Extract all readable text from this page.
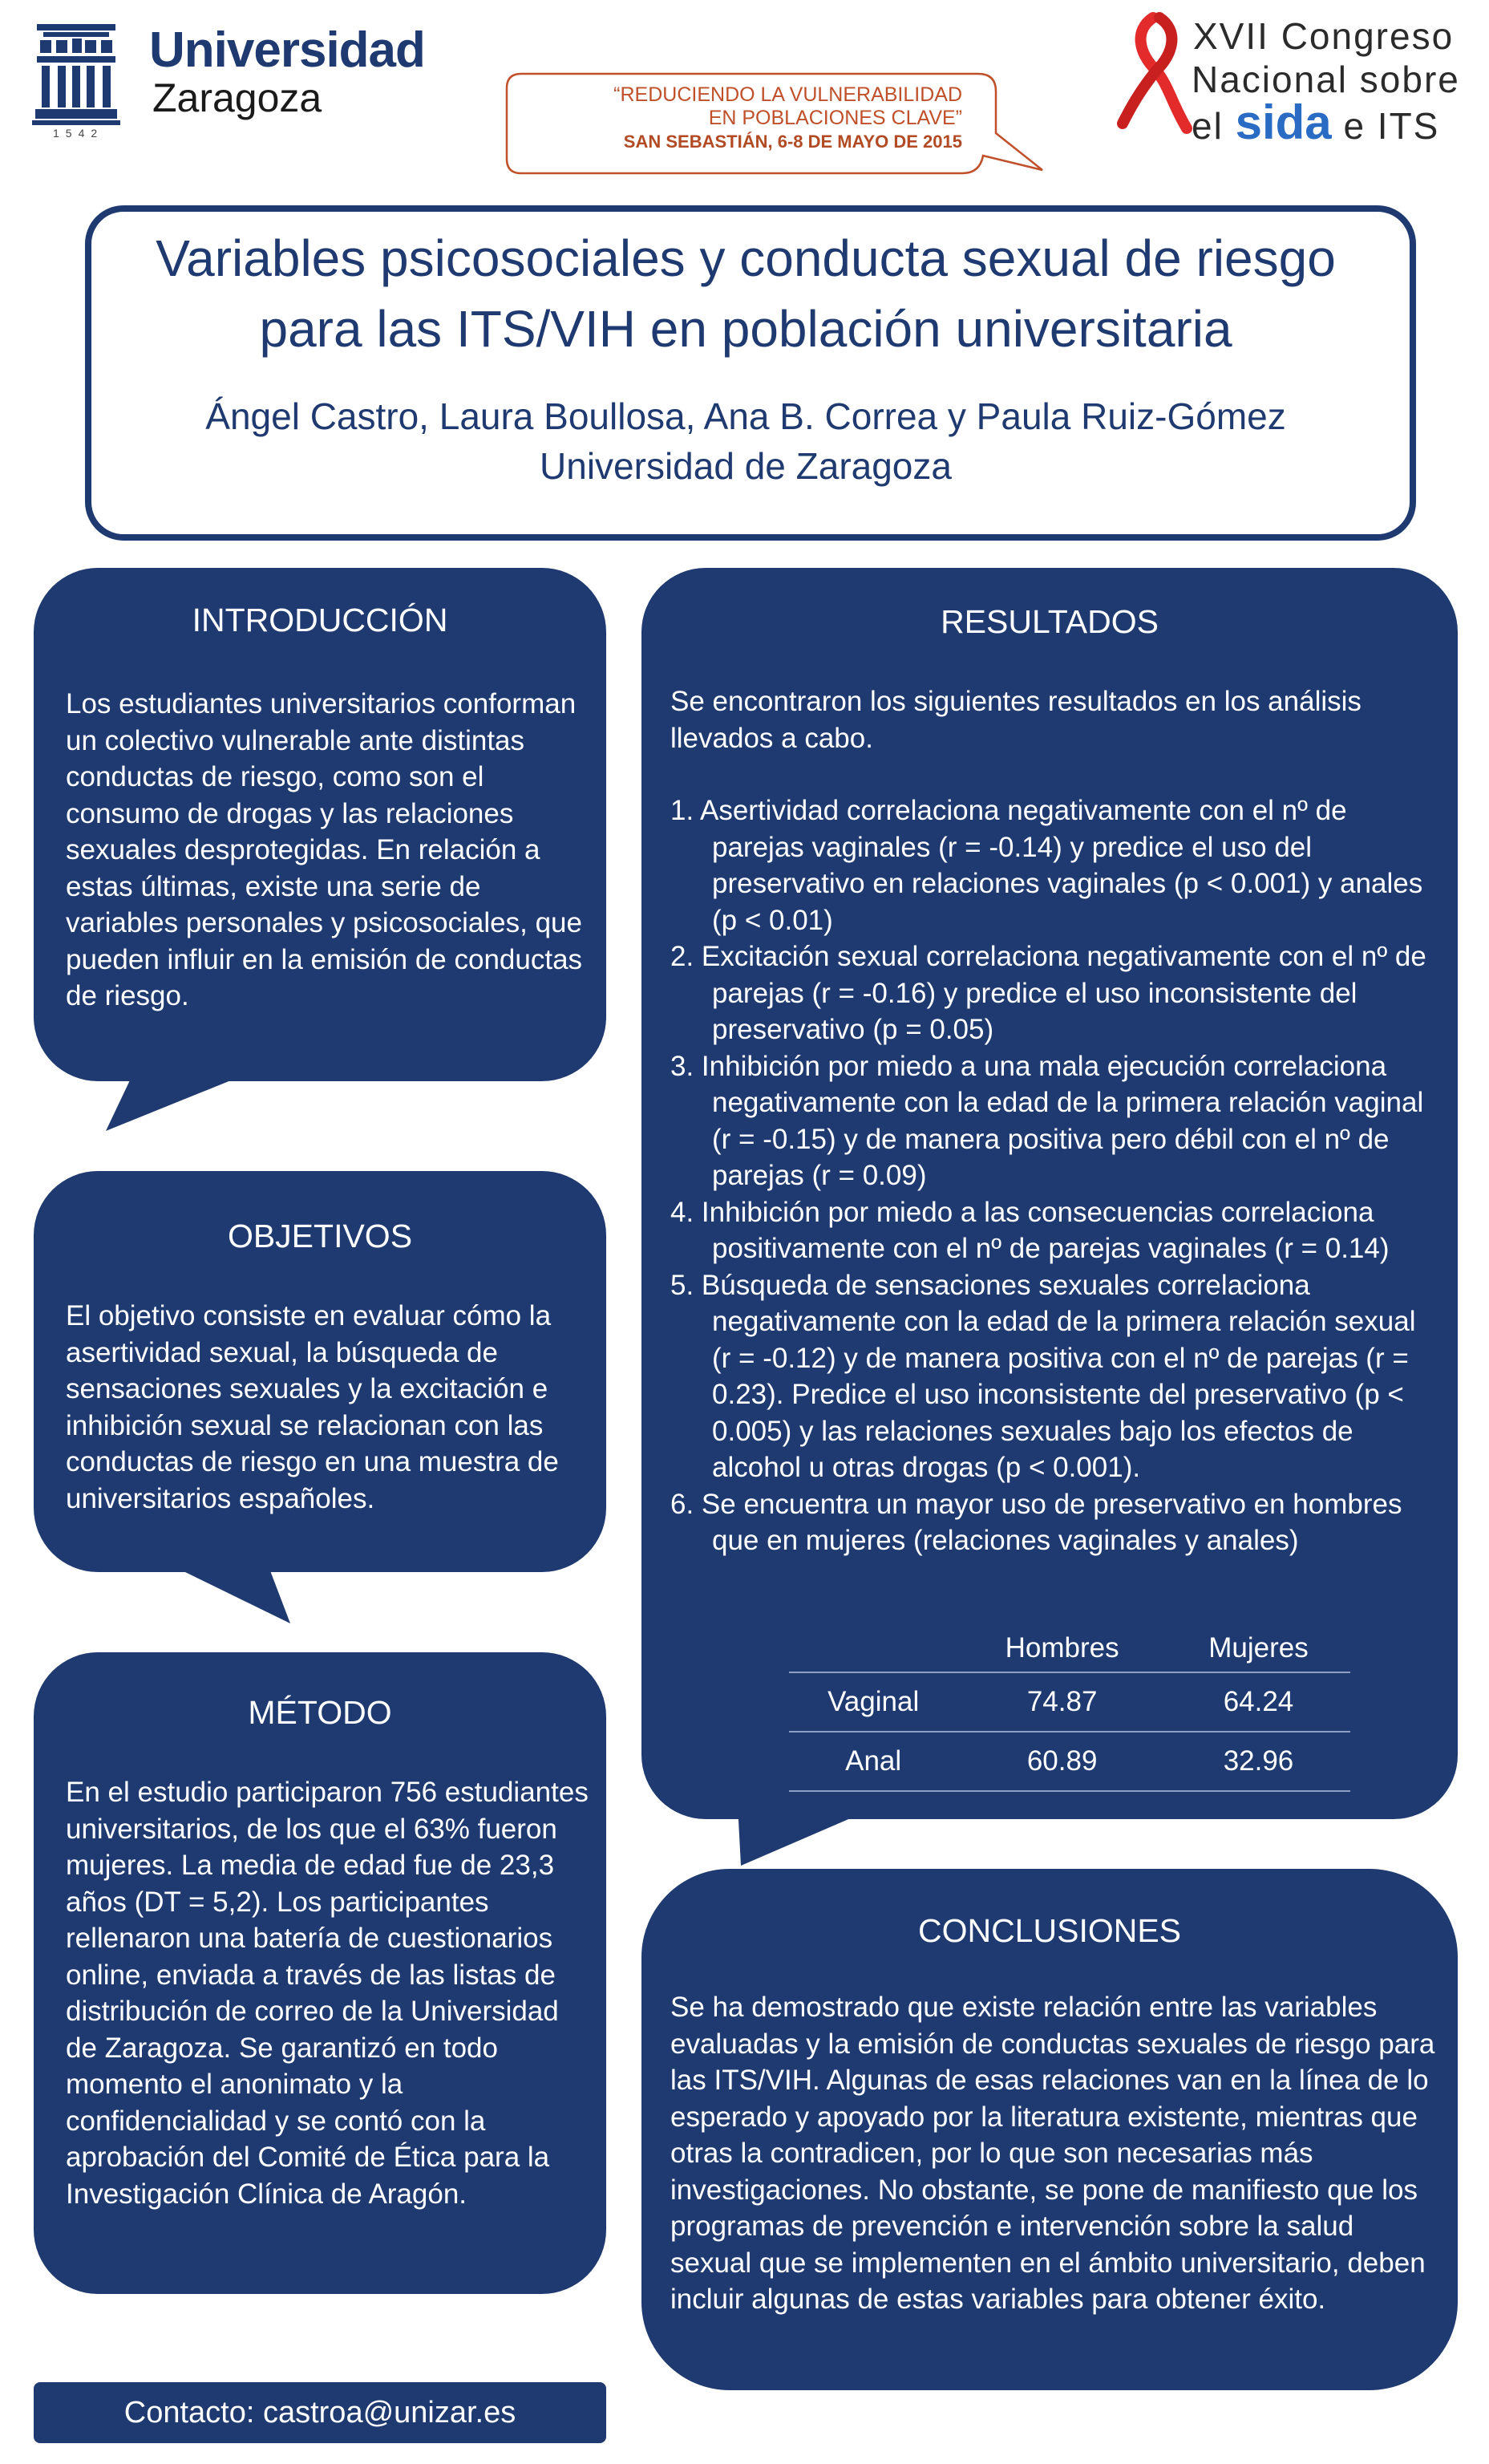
Universidad
Zaragoza
1542
“REDUCIENDO LA VULNERABILIDAD
EN POBLACIONES CLAVE”
SAN SEBASTIÁN, 6-8 DE MAYO DE 2015
XVII Congreso
Nacional sobre
el sida e ITS
Variables psicosociales y conducta sexual de riesgo para las ITS/VIH en población universitaria
Ángel Castro, Laura Boullosa, Ana B. Correa y Paula Ruiz-Gómez
Universidad de Zaragoza
INTRODUCCIÓN
Los estudiantes universitarios conforman un colectivo vulnerable ante distintas conductas de riesgo, como son el consumo de drogas y las relaciones sexuales desprotegidas. En relación a estas últimas, existe una serie de variables personales y psicosociales, que pueden influir en la emisión de conductas de riesgo.
OBJETIVOS
El objetivo consiste en evaluar cómo la asertividad sexual, la búsqueda de sensaciones sexuales y la excitación e inhibición sexual se relacionan con las conductas de riesgo en una muestra de universitarios españoles.
MÉTODO
En el estudio participaron 756 estudiantes universitarios, de los que el 63% fueron mujeres. La media de edad fue de 23,3 años (DT = 5,2). Los participantes rellenaron una batería de cuestionarios online, enviada a través de las listas de distribución de correo de la Universidad de Zaragoza. Se garantizó en todo momento el anonimato y la confidencialidad y se contó con la aprobación del Comité de Ética para la Investigación Clínica de Aragón.
RESULTADOS
Se encontraron los siguientes resultados en los análisis llevados a cabo.
1. Asertividad correlaciona negativamente con el nº de parejas vaginales (r = -0.14) y predice el uso del preservativo en relaciones vaginales (p < 0.001) y anales (p < 0.01)
2. Excitación sexual correlaciona negativamente con el nº de parejas (r = -0.16) y predice el uso inconsistente del preservativo (p = 0.05)
3. Inhibición por miedo a una mala ejecución correlaciona negativamente con la edad de la primera relación vaginal (r = -0.15) y de manera positiva pero débil con el nº de parejas (r = 0.09)
4. Inhibición por miedo a las consecuencias correlaciona positivamente con el nº de parejas vaginales (r = 0.14)
5. Búsqueda de sensaciones sexuales correlaciona negativamente con la edad de la primera relación sexual (r = -0.12) y de manera positiva con el nº de parejas (r = 0.23). Predice el uso inconsistente del preservativo (p < 0.005) y las relaciones sexuales bajo los efectos de alcohol u otras drogas (p < 0.001).
6. Se encuentra un mayor uso de preservativo en hombres que en mujeres (relaciones vaginales y anales)
	Hombres	Mujeres
Vaginal	74.87	64.24
Anal	60.89	32.96
CONCLUSIONES
Se ha demostrado que existe relación entre las variables evaluadas y la emisión de conductas sexuales de riesgo para las ITS/VIH. Algunas de esas relaciones van en la línea de lo esperado y apoyado por la literatura existente, mientras que otras la contradicen, por lo que son necesarias más investigaciones. No obstante, se pone de manifiesto que los programas de prevención e intervención sobre la salud sexual que se implementen en el ámbito universitario, deben incluir algunas de estas variables para obtener éxito.
Contacto: castroa@unizar.es
